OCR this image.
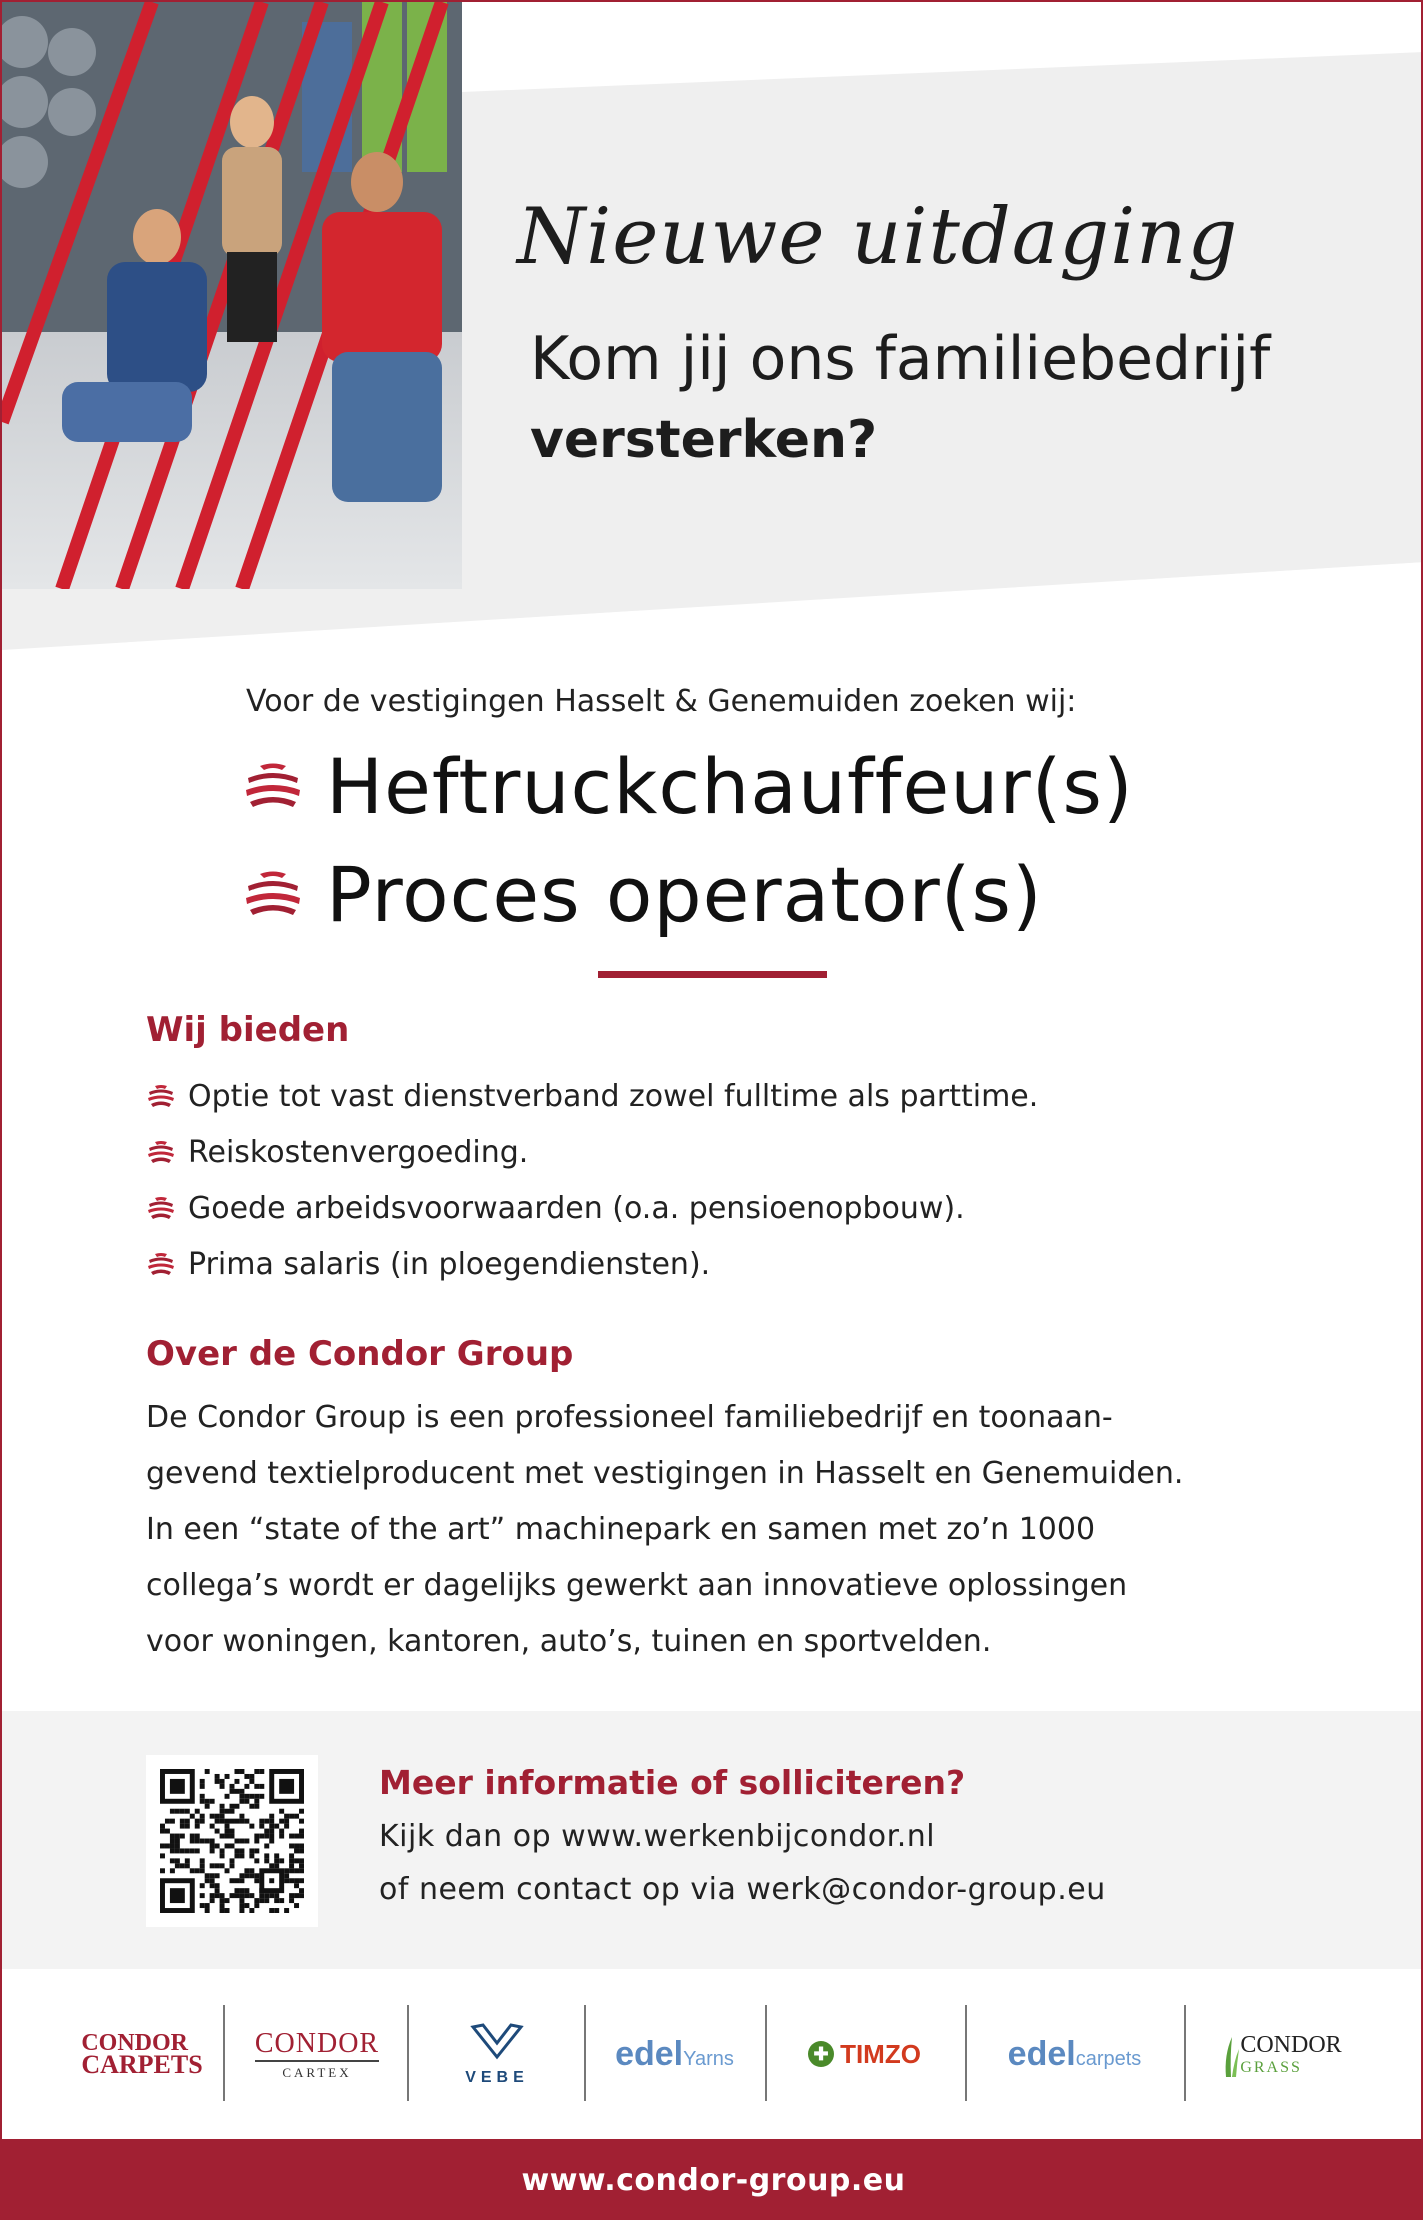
Nieuwe uitdaging
Kom jij ons familiebedrijf
versterken?
Voor de vestigingen Hasselt & Genemuiden zoeken wij:
Heftruckchauffeur(s)
Proces operator(s)
Wij bieden
Optie tot vast dienstverband zowel fulltime als parttime.
Reiskostenvergoeding.
Goede arbeidsvoorwaarden (o.a. pensioenopbouw).
Prima salaris (in ploegendiensten).
Over de Condor Group

De Condor Group is een professioneel familiebedrijf en toonaan-
gevend textielproducent met vestigingen in Hasselt en Genemuiden.
In een “state of the art” machinepark en samen met zo’n 1000
collega’s wordt er dagelijks gewerkt aan innovatieve oplossingen
voor woningen, kantoren, auto’s, tuinen en sportvelden.

Meer informatie of solliciteren?
Kijk dan op www.werkenbijcondor.nl
of neem contact op via werk@condor-group.eu
CONDOR
CARPETS
CONDOR
CARTEX	VEBE
edelYarns	✚ TIMZO	edelcarpets
CONDOR
GRASS
www.condor-group.eu
